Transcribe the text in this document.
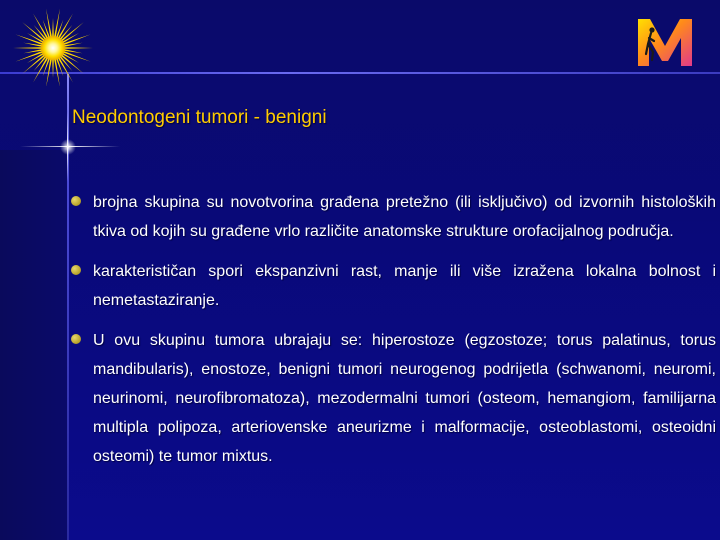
Neodontogeni tumori - benigni
brojna skupina su novotvorina građena pretežno (ili isključivo) od izvornih histoloških tkiva od kojih su građene vrlo različite anatomske strukture orofacijalnog područja.
karakterističan spori ekspanzivni rast, manje ili više izražena lokalna bolnost i nemetastaziranje.
U ovu skupinu tumora ubrajaju se: hiperostoze (egzostoze; torus palatinus, torus mandibularis), enostoze, benigni tumori neurogenog podrijetla (schwanomi, neuromi, neurinomi, neurofibromatoza), mezodermalni tumori (osteom, hemangiom, familijarna multipla polipoza, arteriovenske aneurizme i malformacije, osteoblastomi, osteoidni osteomi) te tumor mixtus.
